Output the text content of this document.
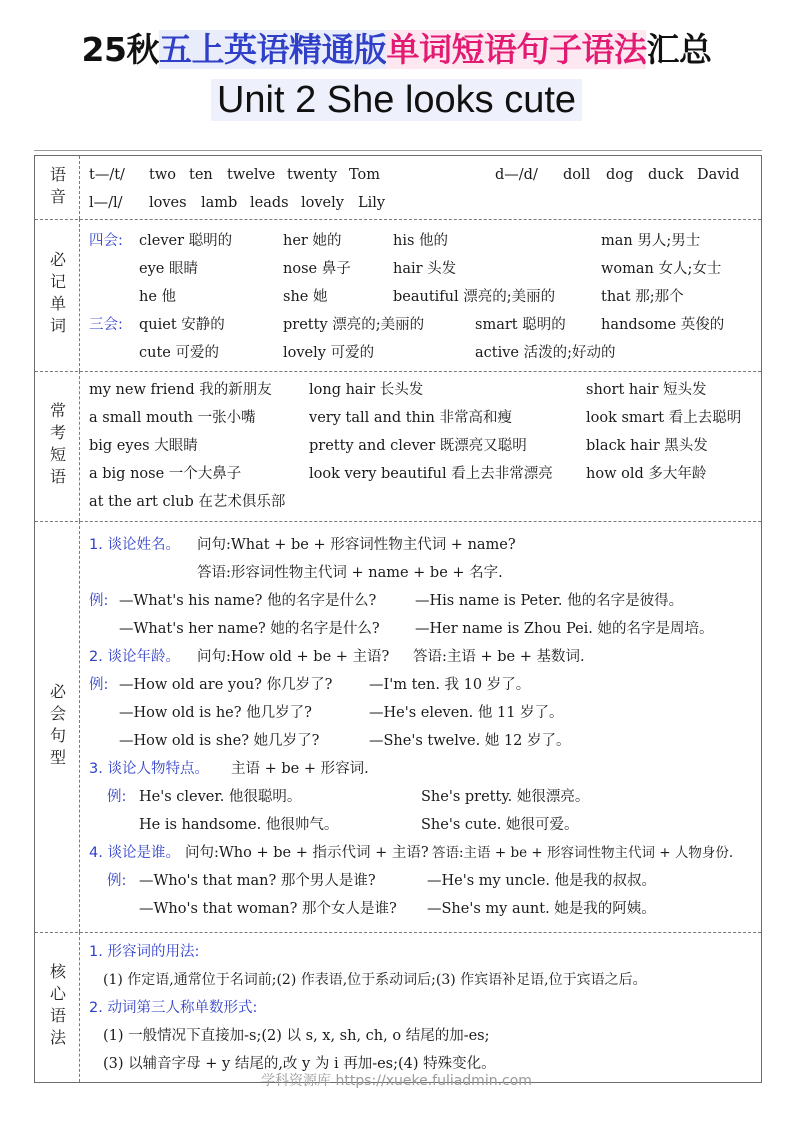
25秋五上英语精通版单词短语句子语法汇总
Unit 2 She looks cute
语音 t—/t/ two ten twelve twenty Tom	d—/d/ doll dog duck David
l—/l/ loves lamb leads lovely Lily
必记单词
四会: clever 聪明的	her 她的	his 他的	man 男人;男士
eye 眼睛	nose 鼻子	hair 头发	woman 女人;女士
he 他	she 她	beautiful 漂亮的;美丽的	that 那;那个
三会: quiet 安静的	pretty 漂亮的;美丽的	smart 聪明的 handsome 英俊的
cute 可爱的	lovely 可爱的	active 活泼的;好动的
常考短语
my new friend 我的新朋友	long hair 长头发	short hair 短头发
a small mouth 一张小嘴	very tall and thin 非常高和瘦	look smart 看上去聪明
big eyes 大眼睛	pretty and clever 既漂亮又聪明	black hair 黑头发
a big nose 一个大鼻子	look very beautiful 看上去非常漂亮 how old 多大年龄
at the art club 在艺术俱乐部
必会句型
1. 谈论姓名。 问句:What + be + 形容词性物主代词 + name?
答语:形容词性物主代词 + name + be + 名字.
例: —What's his name? 他的名字是什么?	—His name is Peter. 他的名字是彼得。
—What's her name? 她的名字是什么? —Her name is Zhou Pei. 她的名字是周培。
2. 谈论年龄。 问句:How old + be + 主语? 答语:主语 + be + 基数词.
例: —How old are you? 你几岁了?	—I'm ten. 我 10 岁了。
—How old is he? 他几岁了?	—He's eleven. 他 11 岁了。
—How old is she? 她几岁了?	—She's twelve. 她 12 岁了。
3. 谈论人物特点。 主语 + be + 形容词.
例: He's clever. 他很聪明。	She's pretty. 她很漂亮。
He is handsome. 他很帅气。	She's cute. 她很可爱。
4. 谈论是谁。 问句:Who + be + 指示代词 + 主语? 答语:主语 + be + 形容词性物主代词 + 人物身份.
例: —Who's that man? 那个男人是谁?	—He's my uncle. 他是我的叔叔。
—Who's that woman? 那个女人是谁? —She's my aunt. 她是我的阿姨。
核心语法
1. 形容词的用法:
(1) 作定语,通常位于名词前;(2) 作表语,位于系动词后;(3) 作宾语补足语,位于宾语之后。
2. 动词第三人称单数形式:
(1) 一般情况下直接加-s;(2) 以 s, x, sh, ch, o 结尾的加-es;
(3) 以辅音字母 + y 结尾的,改 y 为 i 再加-es;(4) 特殊变化。
学科资源库 https://xueke.fuliadmin.com
